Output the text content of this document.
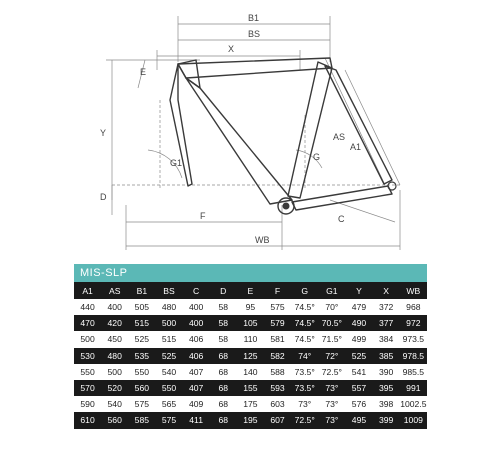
B1
BS
X
E
Y
G1
G
A1
AS
D
F
WB
C
MIS-SLP
A1	AS	B1	BS	C	D	E	F	G	G1	Y	X	WB
440	400	505	480	400	58	95	575	74.5°	70°	479	372	968
470	420	515	500	400	58	105	579	74.5°	70.5°	490	377	972
500	450	525	515	406	58	110	581	74.5°	71.5°	499	384	973.5
530	480	535	525	406	68	125	582	74°	72°	525	385	978.5
550	500	550	540	407	68	140	588	73.5°	72.5°	541	390	985.5
570	520	560	550	407	68	155	593	73.5°	73°	557	395	991
590	540	575	565	409	68	175	603	73°	73°	576	398	1002.5
610	560	585	575	411	68	195	607	72.5°	73°	495	399	1009
